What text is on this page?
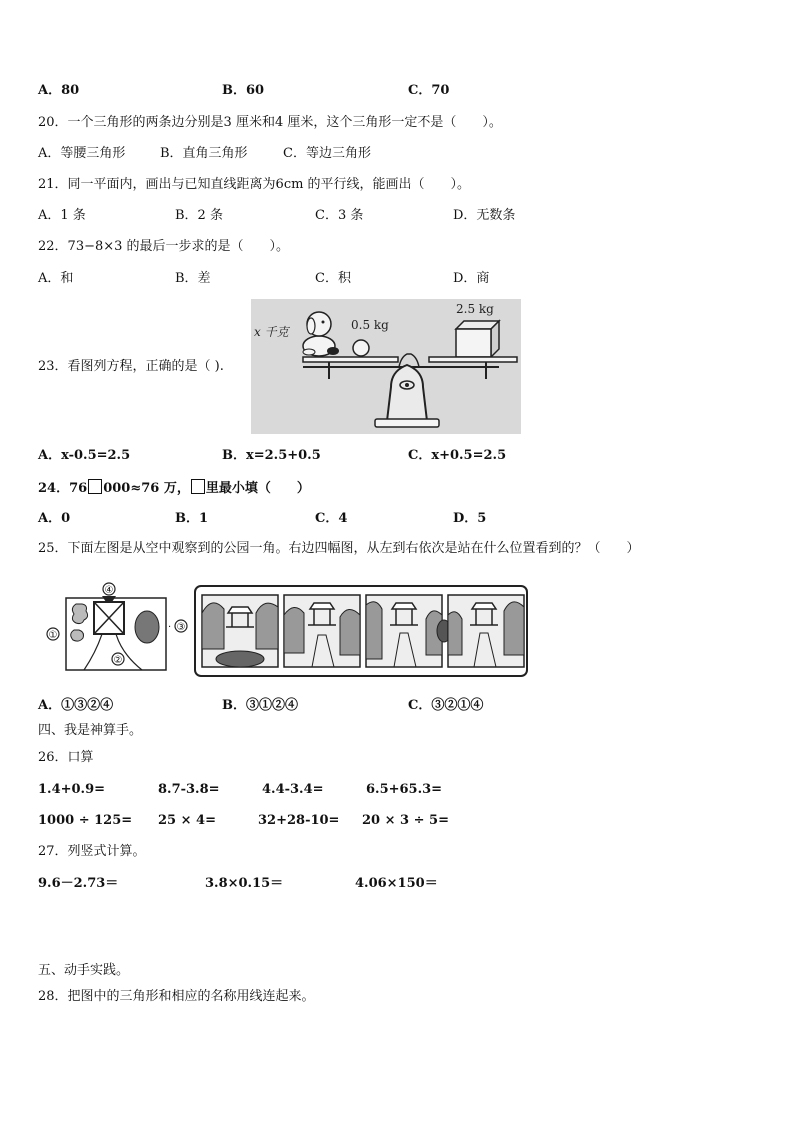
A．80	B．60	C．70
20．一个三角形的两条边分别是3 厘米和4 厘米，这个三角形一定不是（　　）。
A．等腰三角形	B．直角三角形	C．等边三角形
21．同一平面内，画出与已知直线距离为6cm 的平行线，能画出（　　）。
A．1 条	B．2 条	C．3 条	D．无数条
22．73−8×3 的最后一步求的是（　　）。
A．和	B．差	C．积	D．商
23．看图列方程，正确的是（ ).
x 千克	0.5 kg
2.5 kg
A．x-0.5=2.5	B．x=2.5+0.5	C．x+0.5=2.5
24．76 000≈76 万， 里最小填（　　）
A．0	B．1	C．4	D．5
25．下面左图是从空中观察到的公园一角。右边四幅图，从左到右依次是站在什么位置看到的？（　　）
④
①
②
· ③
A．①③②④	B．③①②④	C．③②①④
四、我是神算手。
26．口算
1.4+0.9=	8.7-3.8=	4.4-3.4=	6.5+65.3=
1000 ÷ 125= 25 × 4=	32+28-10= 20 × 3 ÷ 5=
27．列竖式计算。
9.6－2.73＝	3.8×0.15＝	4.06×150＝
五、动手实践。
28．把图中的三角形和相应的名称用线连起来。
